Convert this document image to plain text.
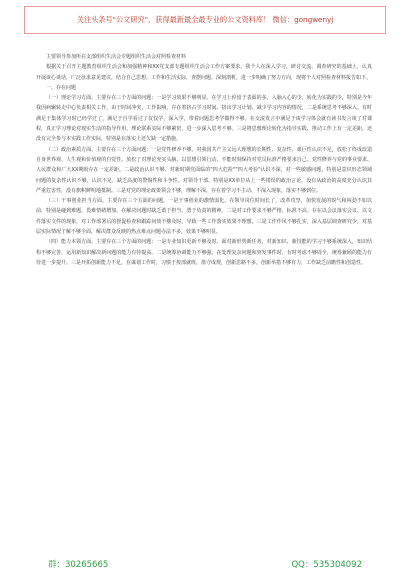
关注头条号"公文研究"，获得最新最全最专业的公文资料库！ 微信：gongwenyj

主要领导参加所在支部组织生活会专题组织生活会对照检查材料

根据关于召开主题教育组织生活会和加强精神和XX党支部专题组织生活会工作方案要求，我个人在深入学习，研讨交流、调查研究的基础上，认真开展谈心谈话，广泛征求意见建议，结合自己思想，工作和生活实际，查摆问题、深刻剖析，进一步明确了努力方向，现将个人对照检查材料报告如下。

一、存在问题

（一）理论学习方面。主要存在三个方面的问题：一是学习效果不够明显。在学习上停留于表面的多，入脑入心的少，转化为实践的少，特别是今年我因病辗转走中心负责相关工作，由于时间冲突，工作影响，存在着挤占学习时间、挤出学习计划，减少学习内容的情况，二是系统思考不够深入。有时满足于集体学习时已经学过了，满足于自学看过了仅仅学，深入学，带着问题思考学做得不够。在交流发言中满足于谈学习体会就有读书发言谈了对课程，真正学习理论对现实生活的指导作用，理论联系实际不够紧密，进一步深入思考不够。三是将思想理论转化为指导实践、推动工作上有一定差距，还没有完全参与本实践工作实际，特别是在落实上还欠缺一定措施。

（二）政治素质方面。主要存在三个方面问题：一是党性修养不够。对我国共产主义远大理想的长期性、复杂性、艰巨性认识不足，放松了终成改造自身世界观、人生观和价值观的自觉性。放松了对理论充实头脑、以思想引领行动，不能时刻保持对党员标准严格要求自己。党性修养与党的事业要求、人民群众和广大XX期盼存在一定差距。二是政治认识不够，对新时期党面临的"四大危险""四大考验"认识不深，对一些敏感问题，特别是意识形态领域问题的复杂性认识不够，认识不足，缺乏高度的警惕性和斗争性。对领导干部、特别是XX单位从上一些错误的政治言论，没有从政治的高度充分认识其严重危害性，没有旗帜鲜明地抵制。三是对党的理论政策领会不够，理解不深，存在着学习不主动、不深入现象，落实不够到位。

（三）干事创业担当方面。主要存在三个方面的问题。一是干事创业的激情弱化。在领导岗位时间长了，改革攻坚，加快发展的锐气和闯劲不如以前，特别是碰到难题，畏难情绪增加，在解决问题时缺乏敢于担当、勇于负责的精神。二是对工作要求不够严格，标准不高。存在以会议落实会议、以文件落实文件的现象，对工作部署后的督促检查和跟踪问效不够及时，导致一些工作落实效果不理想。三是工作作风不够扎实，深入基层调查研究少，对基层实际情况了解不够全面，解决群众反映的热点难点问题办法不多，效果不够明显。

（四）能力本领方面。主要存在三个方面的问题：一是专业知识更新不够及时。面对新形势新任务，对新知识、新技能的学习不够系统深入，知识结构不够完善，运用新知识解决新问题的能力有待提高。二是统筹协调能力不够强。在处理复杂问题和突发事件时，有时考虑不够周全，统筹兼顾的能力有待进一步提升。三是开拓创新能力不足。在谋划工作时，习惯于按部就班，墨守成规，创新思路不多，创新举措不够有力，工作缺乏前瞻性和创造性。

群：30265665	QQ：535304092
